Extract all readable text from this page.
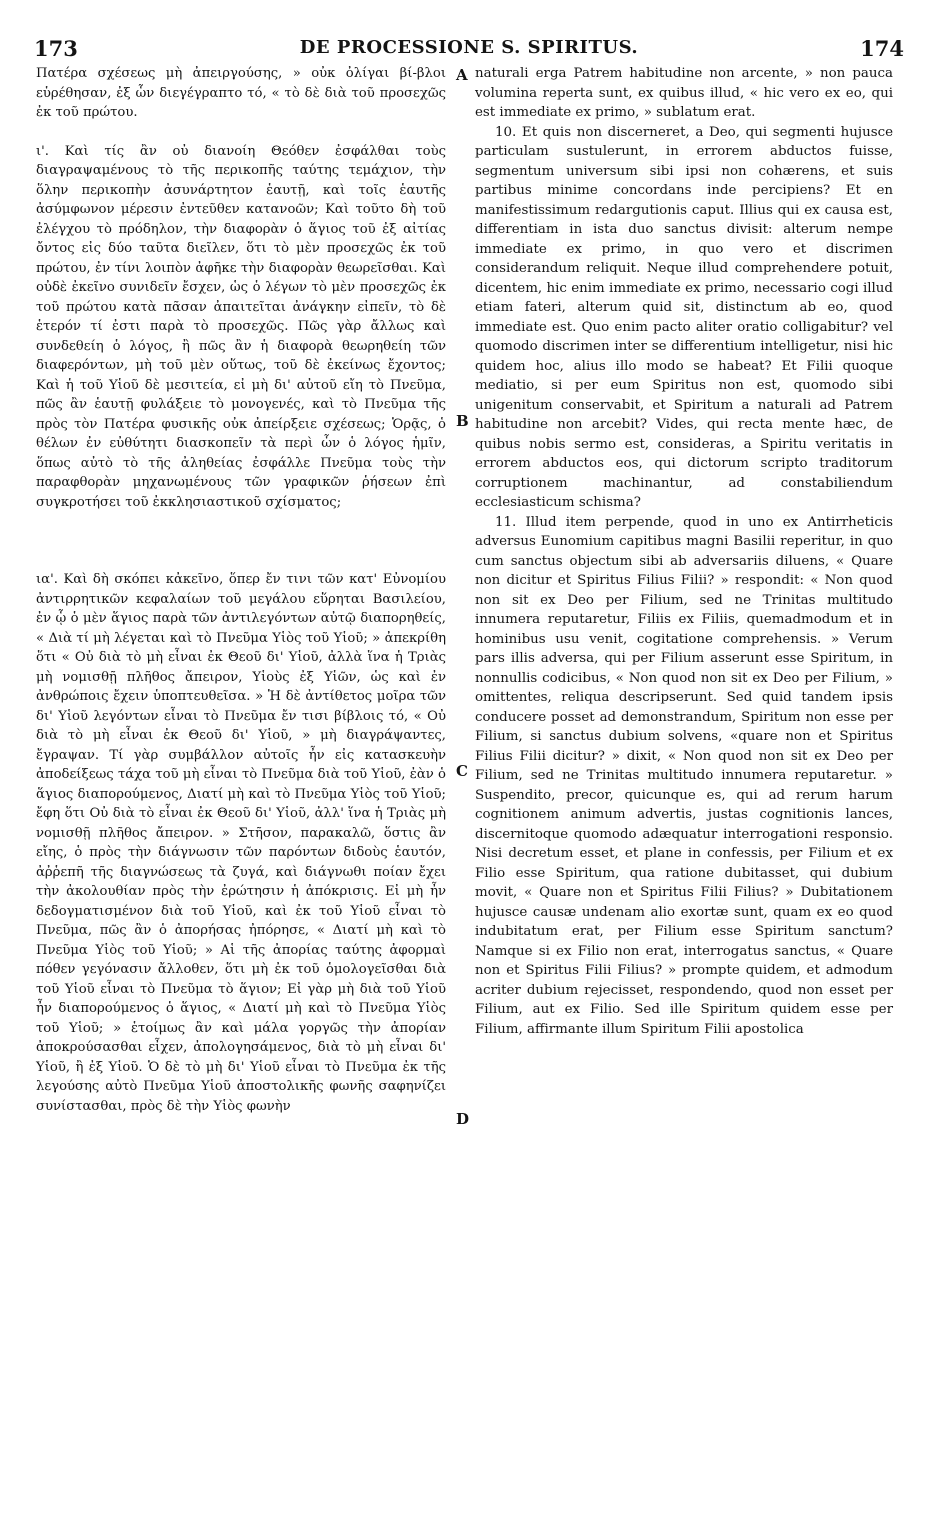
173	DE PROCESSIONE S. SPIRITUS.	174

Πατέρα σχέσεως μὴ ἀπειργούσης, » οὐκ ὀλίγαι βί-βλοι εὑρέθησαν, ἐξ ὧν διεγέγραπτο τό, « τὸ δὲ διὰ τοῦ προσεχῶς ἐκ τοῦ πρώτου.

ι'. Καὶ τίς ἂν οὐ διανοίη Θεόθεν ἐσφάλθαι τοὺς διαγραψαμένους τὸ τῆς περικοπῆς ταύτης τεμάχιον, τὴν ὅλην περικοπὴν ἀσυνάρτητον ἑαυτῇ, καὶ τοῖς ἑαυτῆς ἀσύμφωνον μέρεσιν ἐντεῦθεν κατανοῶν; Καὶ τοῦτο δὴ τοῦ ἐλέγχου τὸ πρόδηλον, τὴν διαφορὰν ὁ ἅγιος τοῦ ἐξ αἰτίας ὄντος εἰς δύο ταῦτα διεῖλεν, ὅτι τὸ μὲν προσεχῶς ἐκ τοῦ πρώτου, ἐν τίνι λοιπὸν ἀφῆκε τὴν διαφορὰν θεωρεῖσθαι. Καὶ οὐδὲ ἐκεῖνο συνιδεῖν ἔσχεν, ὡς ὁ λέγων τὸ μὲν προσεχῶς ἐκ τοῦ πρώτου κατὰ πᾶσαν ἀπαιτεῖται ἀνάγκην εἰπεῖν, τὸ δὲ ἑτερόν τί ἐστι παρὰ τὸ προσεχῶς. Πῶς γὰρ ἄλλως καὶ συνδεθείη ὁ λόγος, ἢ πῶς ἂν ἡ διαφορὰ θεωρηθείη τῶν διαφερόντων, μὴ τοῦ μὲν οὕτως, τοῦ δὲ ἐκείνως ἔχοντος; Καὶ ἡ τοῦ Υἱοῦ δὲ μεσιτεία, εἰ μὴ δι' αὐτοῦ εἴη τὸ Πνεῦμα, πῶς ἂν ἑαυτῇ φυλάξειε τὸ μονογενές, καὶ τὸ Πνεῦμα τῆς πρὸς τὸν Πατέρα φυσικῆς οὐκ ἀπείρξειε σχέσεως; Ὁρᾷς, ὁ θέλων ἐν εὐθύτητι διασκοπεῖν τὰ περὶ ὧν ὁ λόγος ἡμῖν, ὅπως αὐτὸ τὸ τῆς ἀληθείας ἐσφάλλε Πνεῦμα τοὺς τὴν παραφθορὰν μηχανωμένους τῶν γραφικῶν ῥήσεων ἐπὶ συγκροτήσει τοῦ ἐκκλησιαστικοῦ σχίσματος;

ια'. Καὶ δὴ σκόπει κἀκεῖνο, ὅπερ ἔν τινι τῶν κατ' Εὐνομίου ἀντιρρητικῶν κεφαλαίων τοῦ μεγάλου εὕρηται Βασιλείου, ἐν ᾧ ὁ μὲν ἅγιος παρὰ τῶν ἀντιλεγόντων αὐτῷ διαπορηθείς, « Διὰ τί μὴ λέγεται καὶ τὸ Πνεῦμα Υἱὸς τοῦ Υἱοῦ; » ἀπεκρίθη ὅτι « Οὐ διὰ τὸ μὴ εἶναι ἐκ Θεοῦ δι' Υἱοῦ, ἀλλὰ ἵνα ἡ Τριὰς μὴ νομισθῇ πλῆθος ἄπειρον, Υἱοὺς ἐξ Υἱῶν, ὡς καὶ ἐν ἀνθρώποις ἔχειν ὑποπτευθεῖσα. » Ἡ δὲ ἀντίθετος μοῖρα τῶν δι' Υἱοῦ λεγόντων εἶναι τὸ Πνεῦμα ἔν τισι βίβλοις τό, « Οὐ διὰ τὸ μὴ εἶναι ἐκ Θεοῦ δι' Υἱοῦ, » μὴ διαγράψαντες, ἔγραψαν. Τί γὰρ συμβάλλον αὐτοῖς ἦν εἰς κατασκευὴν ἀποδείξεως τάχα τοῦ μὴ εἶναι τὸ Πνεῦμα διὰ τοῦ Υἱοῦ, ἐὰν ὁ ἅγιος διαπορούμενος, Διατί μὴ καὶ τὸ Πνεῦμα Υἱὸς τοῦ Υἱοῦ; ἔφη ὅτι Οὐ διὰ τὸ εἶναι ἐκ Θεοῦ δι' Υἱοῦ, ἀλλ' ἵνα ἡ Τριὰς μὴ νομισθῇ πλῆθος ἄπειρον. » Στῆσον, παρακαλῶ, ὅστις ἂν εἴης, ὁ πρὸς τὴν διάγνωσιν τῶν παρόντων διδοὺς ἑαυτόν, ἀῤῥεπῆ τῆς διαγνώσεως τὰ ζυγά, καὶ διάγνωθι ποίαν ἔχει τὴν ἀκολουθίαν πρὸς τὴν ἐρώτησιν ἡ ἀπόκρισις. Εἰ μὴ ἦν δεδογματισμένον διὰ τοῦ Υἱοῦ, καὶ ἐκ τοῦ Υἱοῦ εἶναι τὸ Πνεῦμα, πῶς ἂν ὁ ἀπορήσας ἠπόρησε, « Διατί μὴ καὶ τὸ Πνεῦμα Υἱὸς τοῦ Υἱοῦ; » Αἱ τῆς ἀπορίας ταύτης ἀφορμαὶ πόθεν γεγόνασιν ἄλλοθεν, ὅτι μὴ ἐκ τοῦ ὁμολογεῖσθαι διὰ τοῦ Υἱοῦ εἶναι τὸ Πνεῦμα τὸ ἅγιον; Εἰ γὰρ μὴ διὰ τοῦ Υἱοῦ ἦν διαπορούμενος ὁ ἅγιος, « Διατί μὴ καὶ τὸ Πνεῦμα Υἱὸς τοῦ Υἱοῦ; » ἑτοίμως ἂν καὶ μάλα γοργῶς τὴν ἀπορίαν ἀποκρούσασθαι εἶχεν, ἀπολογησάμενος, διὰ τὸ μὴ εἶναι δι' Υἱοῦ, ἢ ἐξ Υἱοῦ. Ὁ δὲ τὸ μὴ δι' Υἱοῦ εἶναι τὸ Πνεῦμα ἐκ τῆς λεγούσης αὐτὸ Πνεῦμα Υἱοῦ ἀποστολικῆς φωνῆς σαφηνίζει συνίστασθαι, πρὸς δὲ τὴν Υἱὸς φωνὴν

naturali erga Patrem habitudine non arcente, » non pauca volumina reperta sunt, ex quibus illud, « hic vero ex eo, qui est immediate ex primo, » sublatum erat.

10. Et quis non discerneret, a Deo, qui segmenti hujusce particulam sustulerunt, in errorem abductos fuisse, segmentum universum sibi ipsi non cohærens, et suis partibus minime concordans inde percipiens? Et en manifestissimum redargutionis caput. Illius qui ex causa est, differentiam in ista duo sanctus divisit: alterum nempe immediate ex primo, in quo vero et discrimen considerandum reliquit. Neque illud comprehendere potuit, dicentem, hic enim immediate ex primo, necessario cogi illud etiam fateri, alterum quid sit, distinctum ab eo, quod immediate est. Quo enim pacto aliter oratio colligabitur? vel quomodo discrimen inter se differentium intelligetur, nisi hic quidem hoc, alius illo modo se habeat? Et Filii quoque mediatio, si per eum Spiritus non est, quomodo sibi unigenitum conservabit, et Spiritum a naturali ad Patrem habitudine non arcebit? Vides, qui recta mente hæc, de quibus nobis sermo est, consideras, a Spiritu veritatis in errorem abductos eos, qui dictorum scripto traditorum corruptionem machinantur, ad constabiliendum ecclesiasticum schisma?

11. Illud item perpende, quod in uno ex Antirrheticis adversus Eunomium capitibus magni Basilii reperitur, in quo cum sanctus objectum sibi ab adversariis diluens, « Quare non dicitur et Spiritus Filius Filii? » respondit: « Non quod non sit ex Deo per Filium, sed ne Trinitas multitudo innumera reputaretur, Filiis ex Filiis, quemadmodum et in hominibus usu venit, cogitatione comprehensis. » Verum pars illis adversa, qui per Filium asserunt esse Spiritum, in nonnullis codicibus, « Non quod non sit ex Deo per Filium, » omittentes, reliqua descripserunt. Sed quid tandem ipsis conducere posset ad demonstrandum, Spiritum non esse per Filium, si sanctus dubium solvens, «quare non et Spiritus Filius Filii dicitur? » dixit, « Non quod non sit ex Deo per Filium, sed ne Trinitas multitudo innumera reputaretur. » Suspendito, precor, quicunque es, qui ad rerum harum cognitionem animum advertis, justas cognitionis lances, discernitoque quomodo adæquatur interrogationi responsio. Nisi decretum esset, et plane in confessis, per Filium et ex Filio esse Spiritum, qua ratione dubitasset, qui dubium movit, « Quare non et Spiritus Filii Filius? » Dubitationem hujusce causæ undenam alio exortæ sunt, quam ex eo quod indubitatum erat, per Filium esse Spiritum sanctum? Namque si ex Filio non erat, interrogatus sanctus, « Quare non et Spiritus Filii Filius? » prompte quidem, et admodum acriter dubium rejecisset, respondendo, quod non esset per Filium, aut ex Filio. Sed ille Spiritum quidem esse per Filium, affirmante illum Spiritum Filii apostolica

A
B
C
D
